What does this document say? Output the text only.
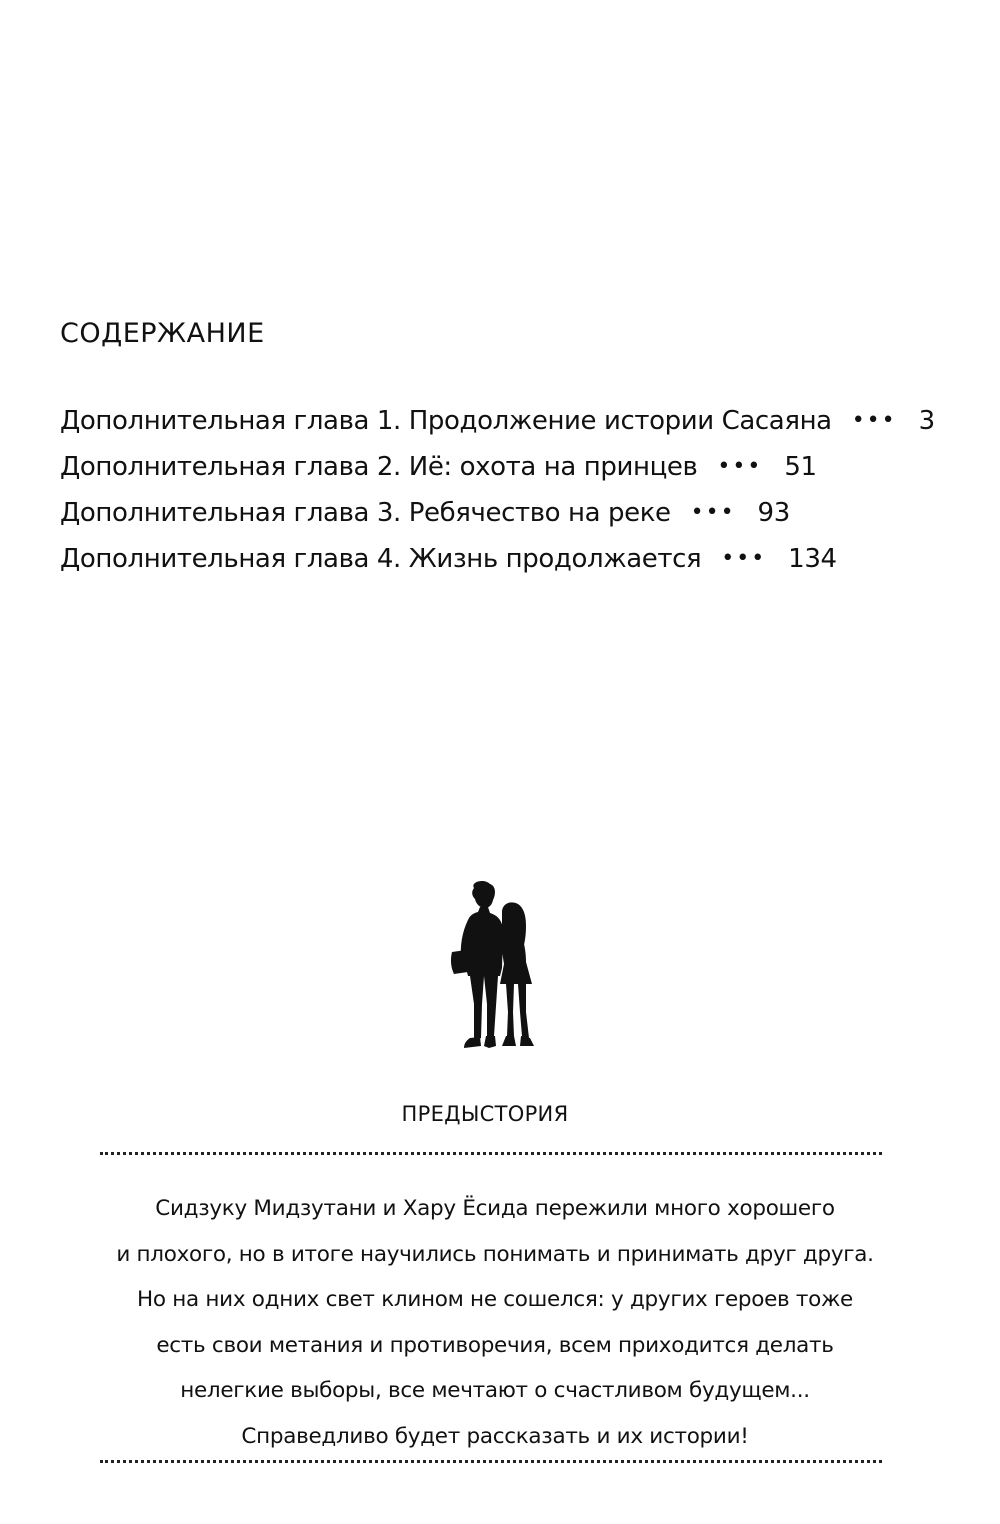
СОДЕРЖАНИЕ
Дополнительная глава 1. Продолжение истории Сасаяна ••• 3
Дополнительная глава 2. Иё: охота на принцев ••• 51
Дополнительная глава 3. Ребячество на реке ••• 93
Дополнительная глава 4. Жизнь продолжается ••• 134
ПРЕДЫСТОРИЯ

Сидзуку Мидзутани и Хару Ёсида пережили много хорошего
и плохого, но в итоге научились понимать и принимать друг друга.
Но на них одних свет клином не сошелся: у других героев тоже
есть свои метания и противоречия, всем приходится делать
нелегкие выборы, все мечтают о счастливом будущем...
Справедливо будет рассказать и их истории!
